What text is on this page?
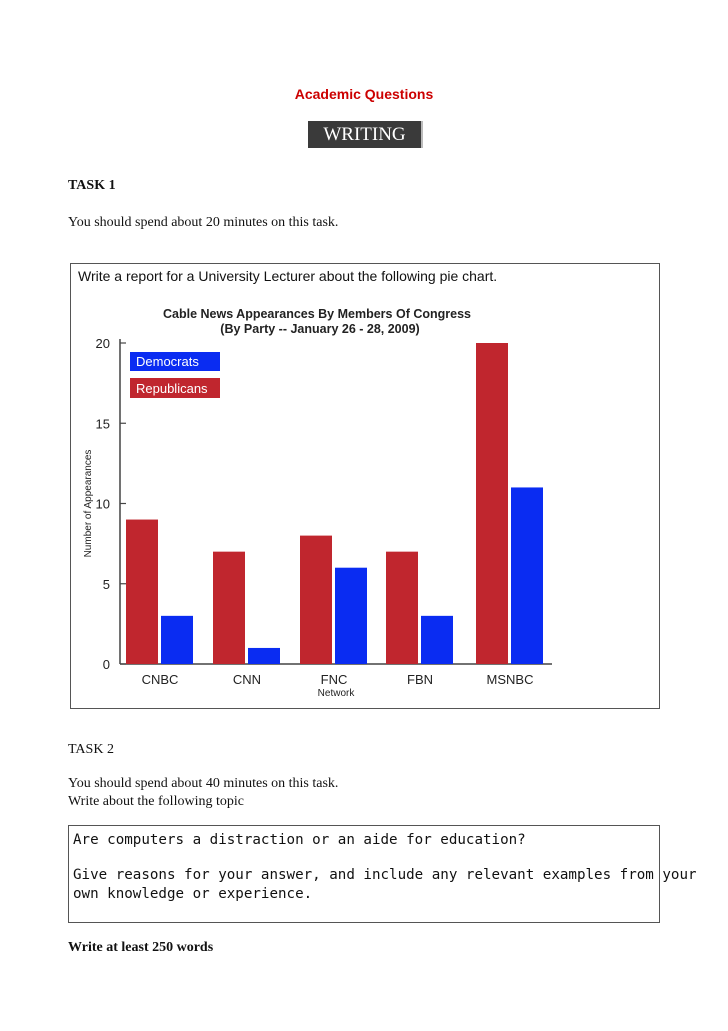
Academic Questions
WRITING
TASK 1
You should spend about 20 minutes on this task.
Write a report for a University Lecturer about the following pie chart.
Cable News Appearances By Members Of Congress
(By Party -- January 26 - 28, 2009)
0
5
10
15
20
Number of Appearances
CNBC	CNN	FNC	FBN	MSNBC
Network
Democrats
Republicans
TASK 2
You should spend about 40 minutes on this task.
Write about the following topic
Are computers a distraction or an aide for education?
Give reasons for your answer, and include any relevant examples from your
own knowledge or experience.
Write at least 250 words
